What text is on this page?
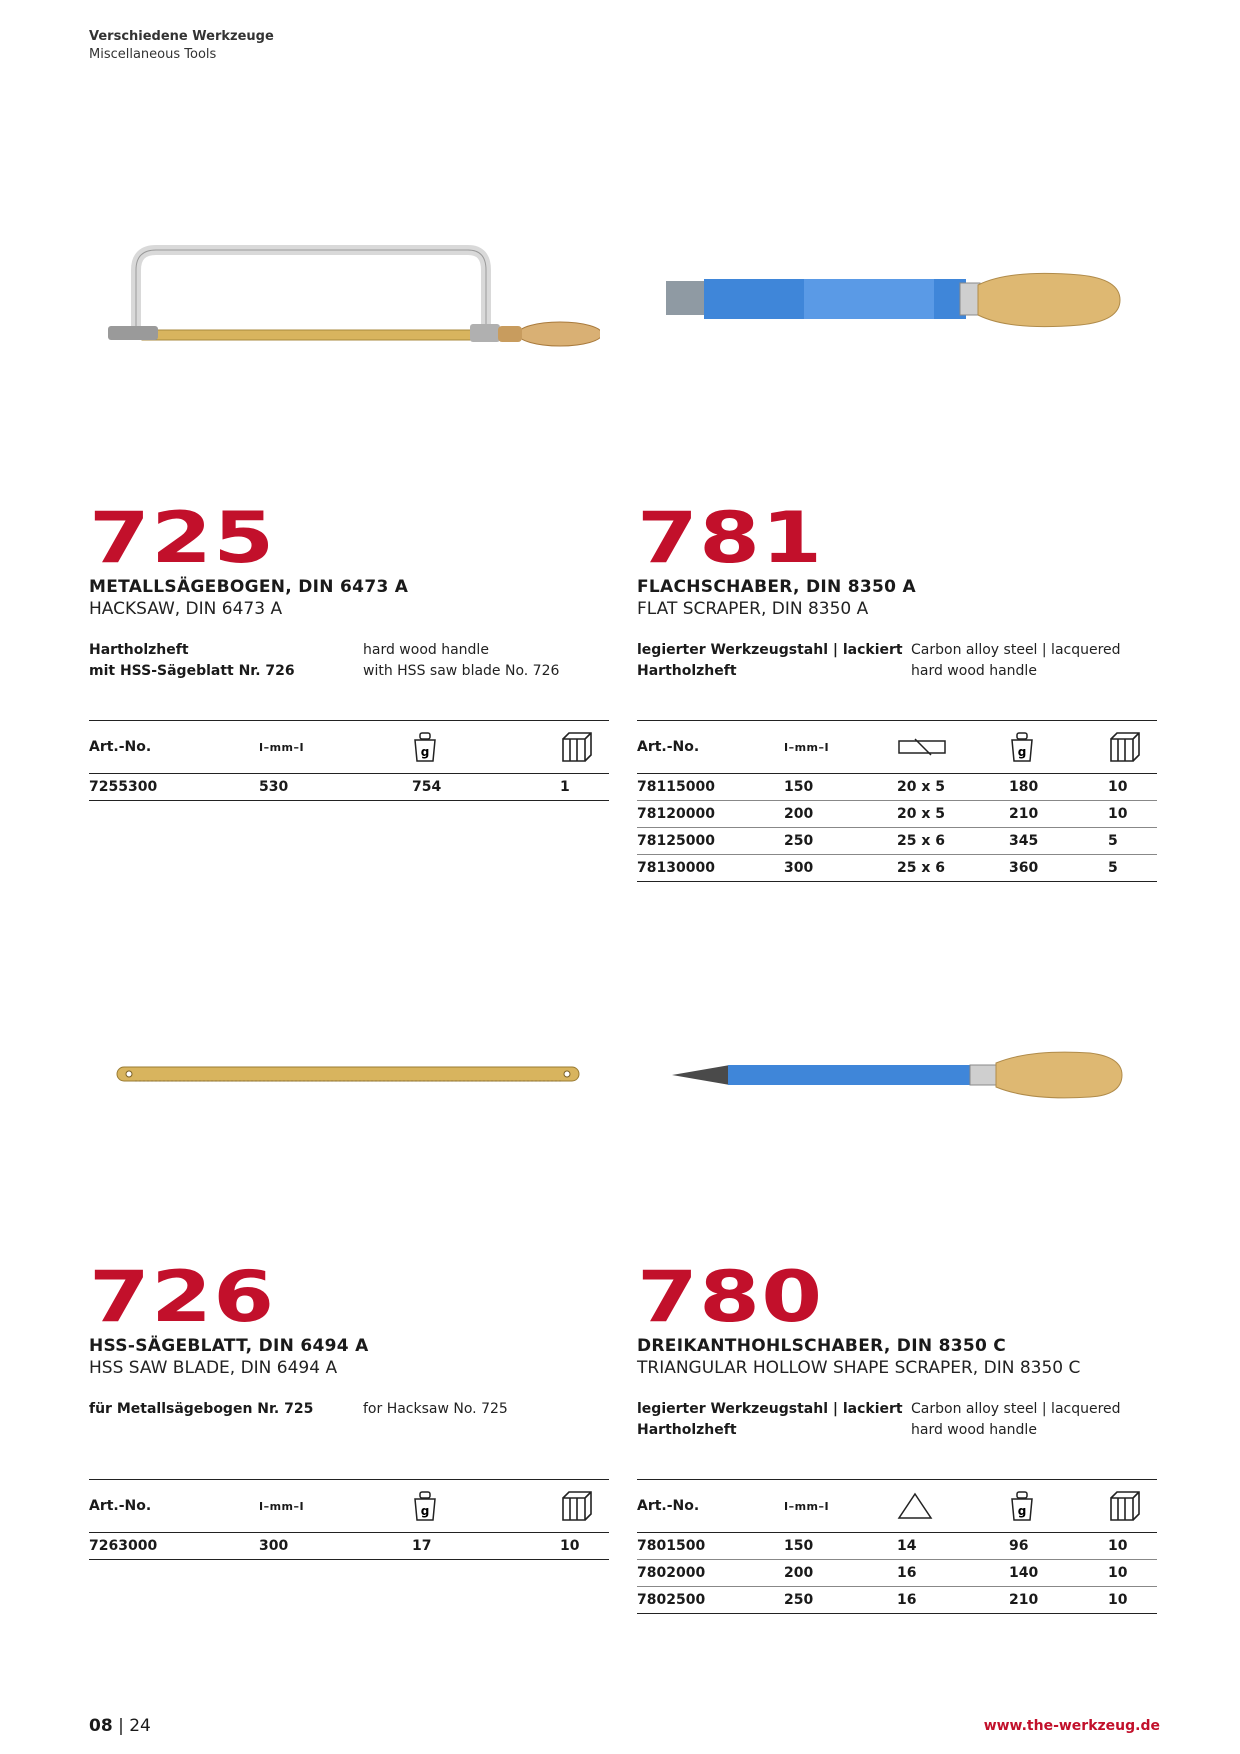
Verschiedene Werkzeuge
Miscellaneous Tools
725
METALLSÄGEBOGEN, DIN 6473 A
HACKSAW, DIN 6473 A
Hartholzheft
mit HSS-Sägeblatt Nr. 726
hard wood handle
with HSS saw blade No. 726
Art.-No.	I–mm–I	g

7255300	530	754	1
781
FLACHSCHABER, DIN 8350 A
FLAT SCRAPER, DIN 8350 A
legierter Werkzeugstahl | lackiert
Hartholzheft
Carbon alloy steel | lacquered
hard wood handle
Art.-No.	I–mm–I		g

78115000	150	20 x 5	180	10
78120000	200	20 x 5	210	10
78125000	250	25 x 6	345	5
78130000	300	25 x 6	360	5
726
HSS-SÄGEBLATT, DIN 6494 A
HSS SAW BLADE, DIN 6494 A
für Metallsägebogen Nr. 725	for Hacksaw No. 725
Art.-No.	I–mm–I	g

7263000	300	17	10
780
DREIKANTHOHLSCHABER, DIN 8350 C
TRIANGULAR HOLLOW SHAPE SCRAPER, DIN 8350 C
legierter Werkzeugstahl | lackiert
Hartholzheft
Carbon alloy steel | lacquered
hard wood handle
Art.-No.	I–mm–I		g

7801500	150	14	96	10
7802000	200	16	140	10
7802500	250	16	210	10
08 | 24	www.the-werkzeug.de
